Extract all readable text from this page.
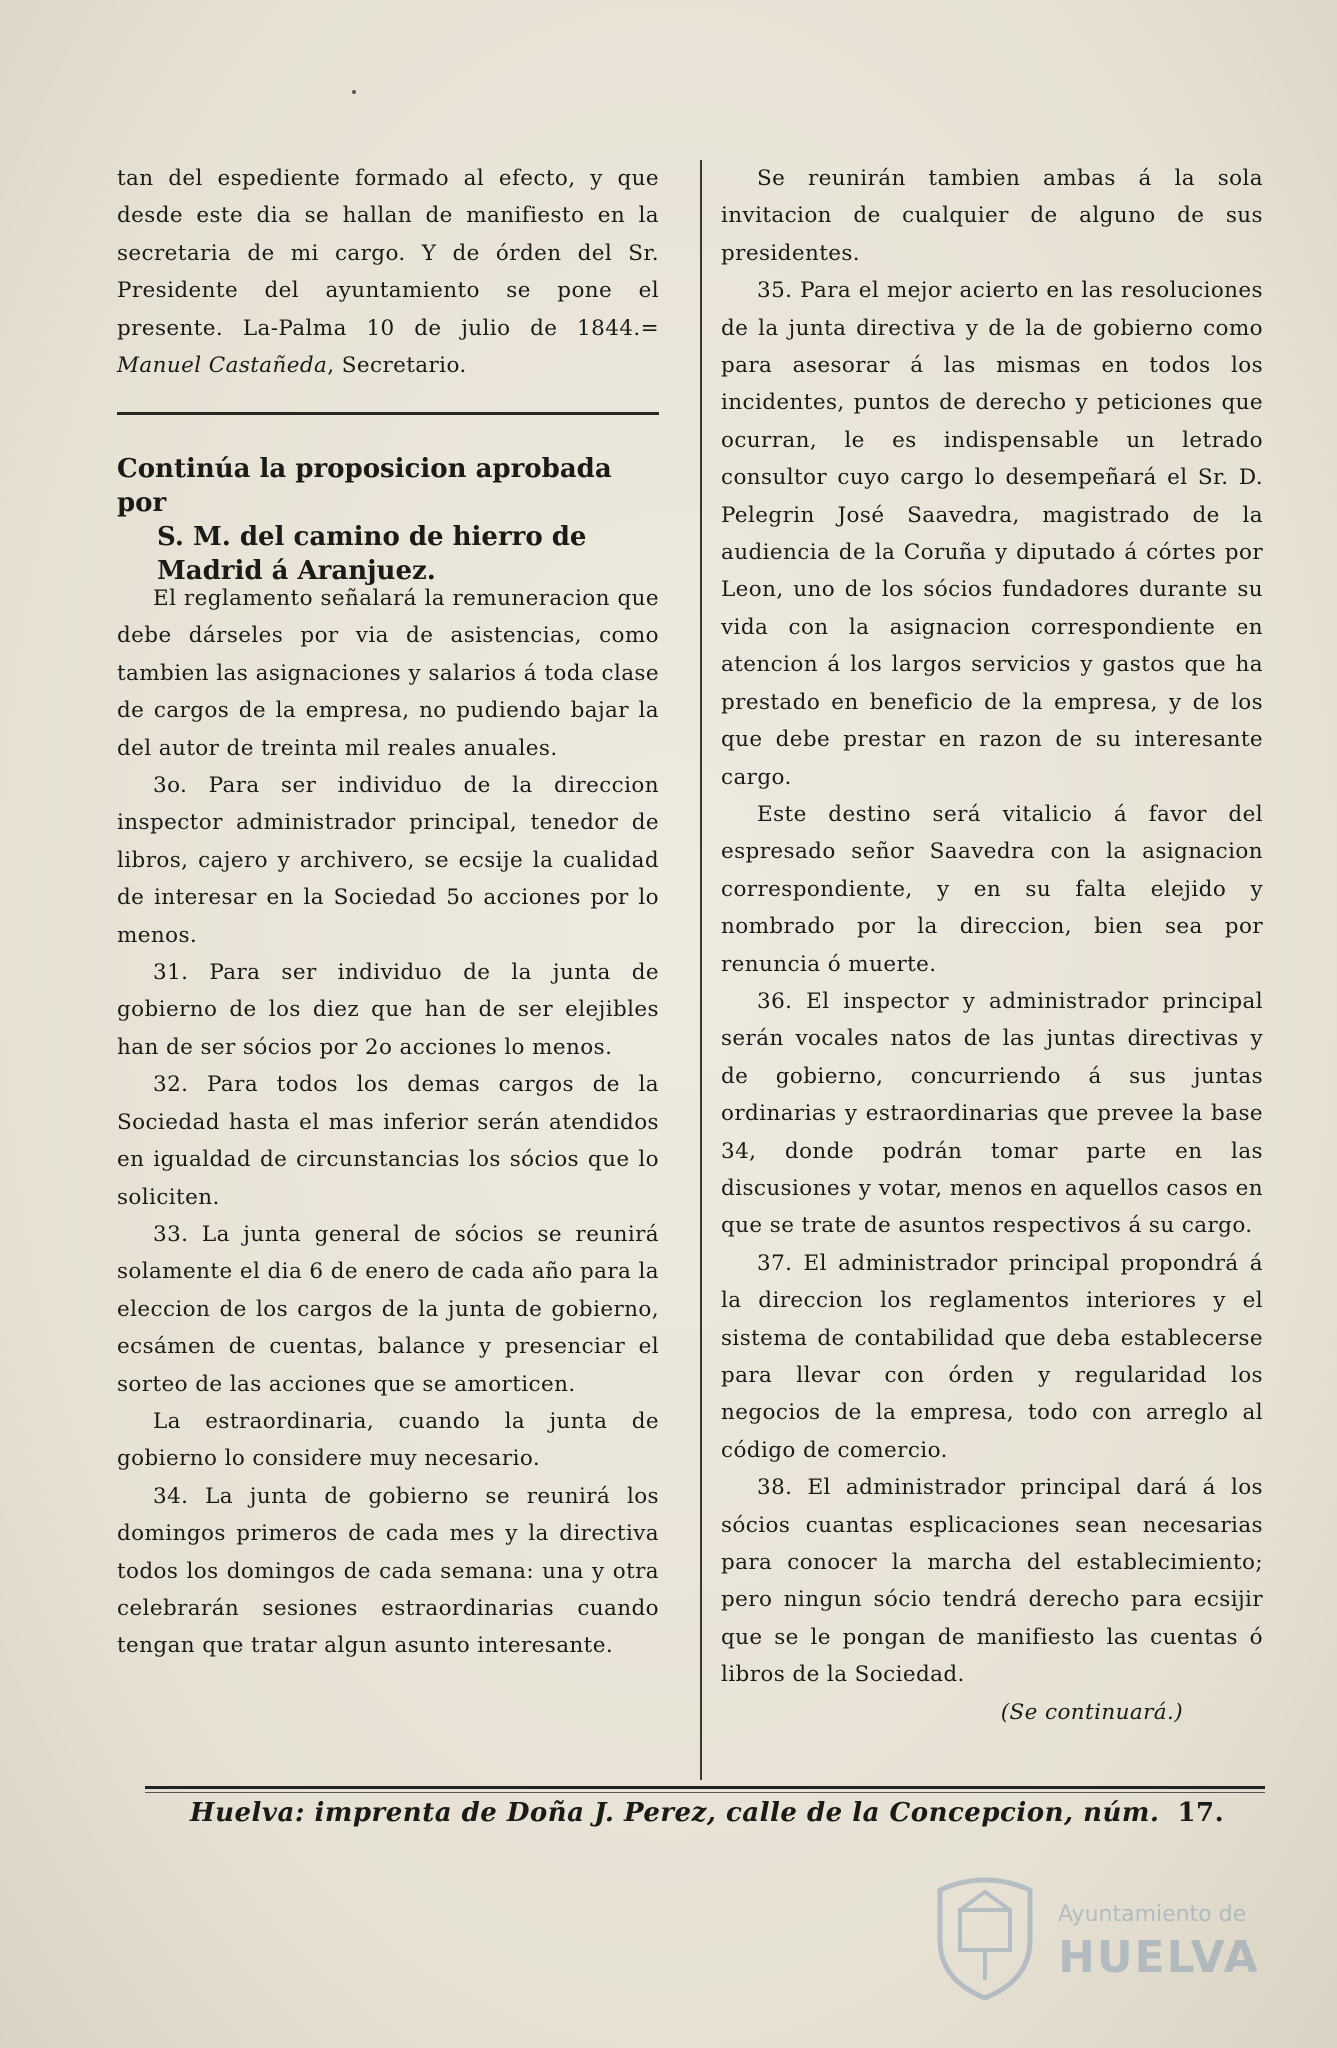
tan del espediente formado al efecto, y que desde este dia se hallan de manifiesto en la secretaria de mi cargo. Y de órden del Sr. Presidente del ayuntamiento se pone el presente. La-Palma 10 de julio de 1844.= Manuel Castañeda, Secretario.

Continúa la proposicion aprobada por
S. M. del camino de hierro de
Madrid á Aranjuez.

El reglamento señalará la remuneracion que debe dárseles por via de asistencias, como tambien las asignaciones y salarios á toda clase de cargos de la empresa, no pudiendo bajar la del autor de treinta mil reales anuales.

3o. Para ser individuo de la direccion inspector administrador principal, tenedor de libros, cajero y archivero, se ecsije la cualidad de interesar en la Sociedad 5o acciones por lo menos.

31. Para ser individuo de la junta de gobierno de los diez que han de ser elejibles han de ser sócios por 2o acciones lo menos.

32. Para todos los demas cargos de la Sociedad hasta el mas inferior serán atendidos en igualdad de circunstancias los sócios que lo soliciten.

33. La junta general de sócios se reunirá solamente el dia 6 de enero de cada año para la eleccion de los cargos de la junta de gobierno, ecsámen de cuentas, balance y presenciar el sorteo de las acciones que se amorticen.

La estraordinaria, cuando la junta de gobierno lo considere muy necesario.

34. La junta de gobierno se reunirá los domingos primeros de cada mes y la directiva todos los domingos de cada semana: una y otra celebrarán sesiones estraordinarias cuando tengan que tratar algun asunto interesante.

Se reunirán tambien ambas á la sola invitacion de cualquier de alguno de sus presidentes.

35. Para el mejor acierto en las resoluciones de la junta directiva y de la de gobierno como para asesorar á las mismas en todos los incidentes, puntos de derecho y peticiones que ocurran, le es indispensable un letrado consultor cuyo cargo lo desempeñará el Sr. D. Pelegrin José Saavedra, magistrado de la audiencia de la Coruña y diputado á córtes por Leon, uno de los sócios fundadores durante su vida con la asignacion correspondiente en atencion á los largos servicios y gastos que ha prestado en beneficio de la empresa, y de los que debe prestar en razon de su interesante cargo.

Este destino será vitalicio á favor del espresado señor Saavedra con la asignacion correspondiente, y en su falta elejido y nombrado por la direccion, bien sea por renuncia ó muerte.

36. El inspector y administrador principal serán vocales natos de las juntas directivas y de gobierno, concurriendo á sus juntas ordinarias y estraordinarias que prevee la base 34, donde podrán tomar parte en las discusiones y votar, menos en aquellos casos en que se trate de asuntos respectivos á su cargo.

37. El administrador principal propondrá á la direccion los reglamentos interiores y el sistema de contabilidad que deba establecerse para llevar con órden y regularidad los negocios de la empresa, todo con arreglo al código de comercio.

38. El administrador principal dará á los sócios cuantas esplicaciones sean necesarias para conocer la marcha del establecimiento; pero ningun sócio tendrá derecho para ecsijir que se le pongan de manifiesto las cuentas ó libros de la Sociedad.

(Se continuará.)

Huelva: imprenta de Doña J. Perez, calle de la Concepcion, núm. 17.
Ayuntamiento de
HUELVA
